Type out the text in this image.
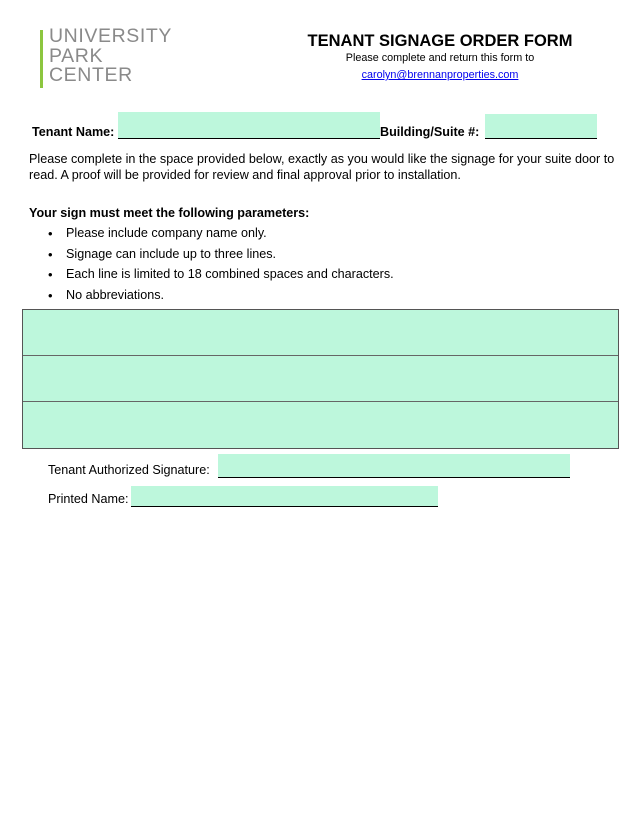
UNIVERSITY
PARK
CENTER
TENANT SIGNAGE ORDER FORM
Please complete and return this form to
carolyn@brennanproperties.com
Tenant Name:	Building/Suite #:
Please complete in the space provided below, exactly as you would like the signage for your suite door to read. A proof will be provided for review and final approval prior to installation.
Your sign must meet the following parameters:
• Please include company name only.
• Signage can include up to three lines.
• Each line is limited to 18 combined spaces and characters.
• No abbreviations.
Tenant Authorized Signature:
Printed Name:
